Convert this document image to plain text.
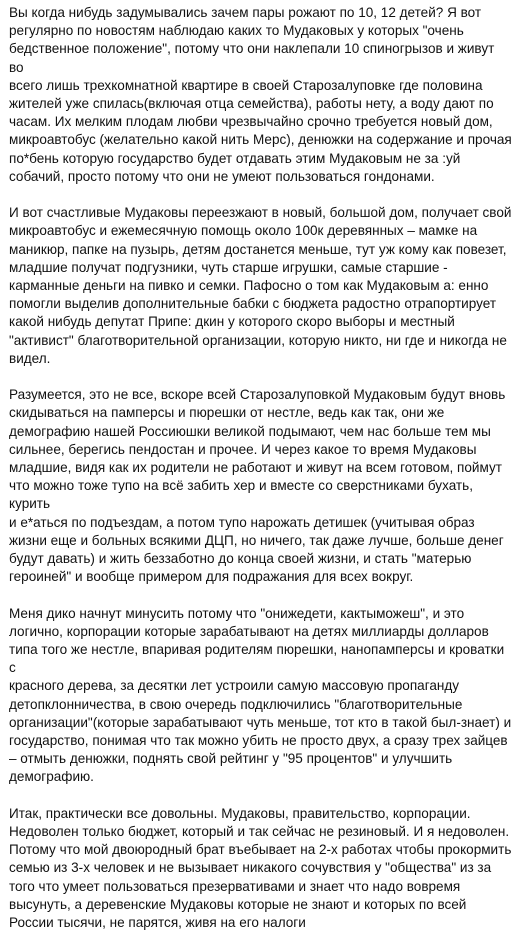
Вы когда нибудь задумывались зачем пары рожают по 10, 12 детей? Я вот
регулярно по новостям наблюдаю каких то Мудаковых у которых "очень
бедственное положение", потому что они наклепали 10 спиногрызов и живут во
всего лишь трехкомнатной квартире в своей Старозалуповке где половина
жителей уже спилась(включая отца семейства), работы нету, а воду дают по
часам. Их мелким плодам любви чрезвычайно срочно требуется новый дом,
микроавтобус (желательно какой нить Мерс), денюжки на содержание и прочая
по*бень которую государство будет отдавать этим Мудаковым не за :уй
собачий, просто потому что они не умеют пользоваться гондонами.

И вот счастливые Мудаковы переезжают в новый, большой дом, получает свой
микроавтобус и ежемесячную помощь около 100к деревянных – мамке на
маникюр, папке на пузырь, детям достанется меньше, тут уж кому как повезет,
младшие получат подгузники, чуть старше игрушки, самые старшие -
карманные деньги на пивко и семки. Пафосно о том как Мудаковым а: енно
помогли выделив дополнительные бабки с бюджета радостно отрапортирует
какой нибудь депутат Припе: дкин у которого скоро выборы и местный
"активист" благотворительной организации, которую никто, ни где и никогда не
видел.

Разумеется, это не все, вскоре всей Старозалуповкой Мудаковым будут вновь
скидываться на памперсы и пюрешки от нестле, ведь как так, они же
демографию нашей Россиюшки великой подымают, чем нас больше тем мы
сильнее, берегись пендостан и прочее. И через какое то время Мудаковы
младшие, видя как их родители не работают и живут на всем готовом, поймут
что можно тоже тупо на всё забить хер и вместе со сверстниками бухать, курить
и е*аться по подъездам, а потом тупо нарожать детишек (учитывая образ
жизни еще и больных всякими ДЦП, но ничего, так даже лучше, больше денег
будут давать) и жить беззаботно до конца своей жизни, и стать "матерью
героиней" и вообще примером для подражания для всех вокруг.

Меня дико начнут минусить потому что "онижедети, кактыможеш", и это
логично, корпорации которые зарабатывают на детях миллиарды долларов
типа того же нестле, впаривая родителям пюрешки, нанопамперсы и кроватки с
красного дерева, за десятки лет устроили самую массовую пропаганду
детопклонничества, в свою очередь подключились "благотворительные
организации"(которые зарабатывают чуть меньше, тот кто в такой был-знает) и
государство, понимая что так можно убить не просто двух, а сразу трех зайцев
– отмыть денюжки, поднять свой рейтинг у "95 процентов" и улучшить
демографию.

Итак, практически все довольны. Мудаковы, правительство, корпорации.
Недоволен только бюджет, который и так сейчас не резиновый. И я недоволен.
Потому что мой двоюродный брат въебывает на 2-х работах чтобы прокормить
семью из 3-х человек и не вызывает никакого сочувствия у "общества" из за
того что умеет пользоваться презервативами и знает что надо вовремя
высунуть, а деревенские Мудаковы которые не знают и которых по всей
России тысячи, не парятся, живя на его налоги
